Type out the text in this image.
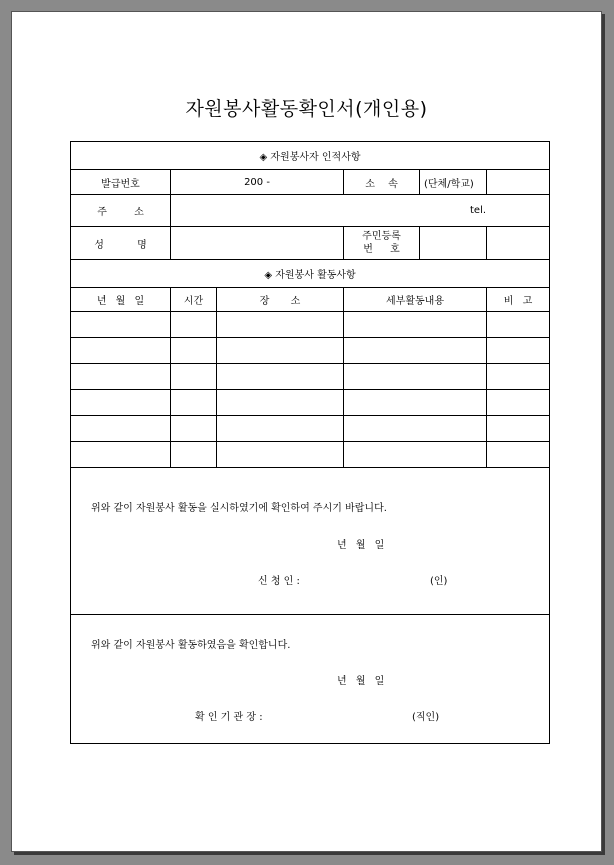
자원봉사활동확인서(개인용)
◈ 자원봉사자 인적사항				
발급번호	200 -		소 속 (단체/학교)	

주 소	tel.			
성 명			주민등록
번 호	

◈ 자원봉사 활동사항				
년 월 일	시간	장 소	세부활동내용	비 고

위와 같이 자원봉사 활동을 실시하였기에 확인하여 주시기 바랍니다.
년 월 일
신 청 인 : (인)				

위와 같이 자원봉사 활동하였음을 확인합니다.
년 월 일
확 인 기 관 장 : (직인)				
